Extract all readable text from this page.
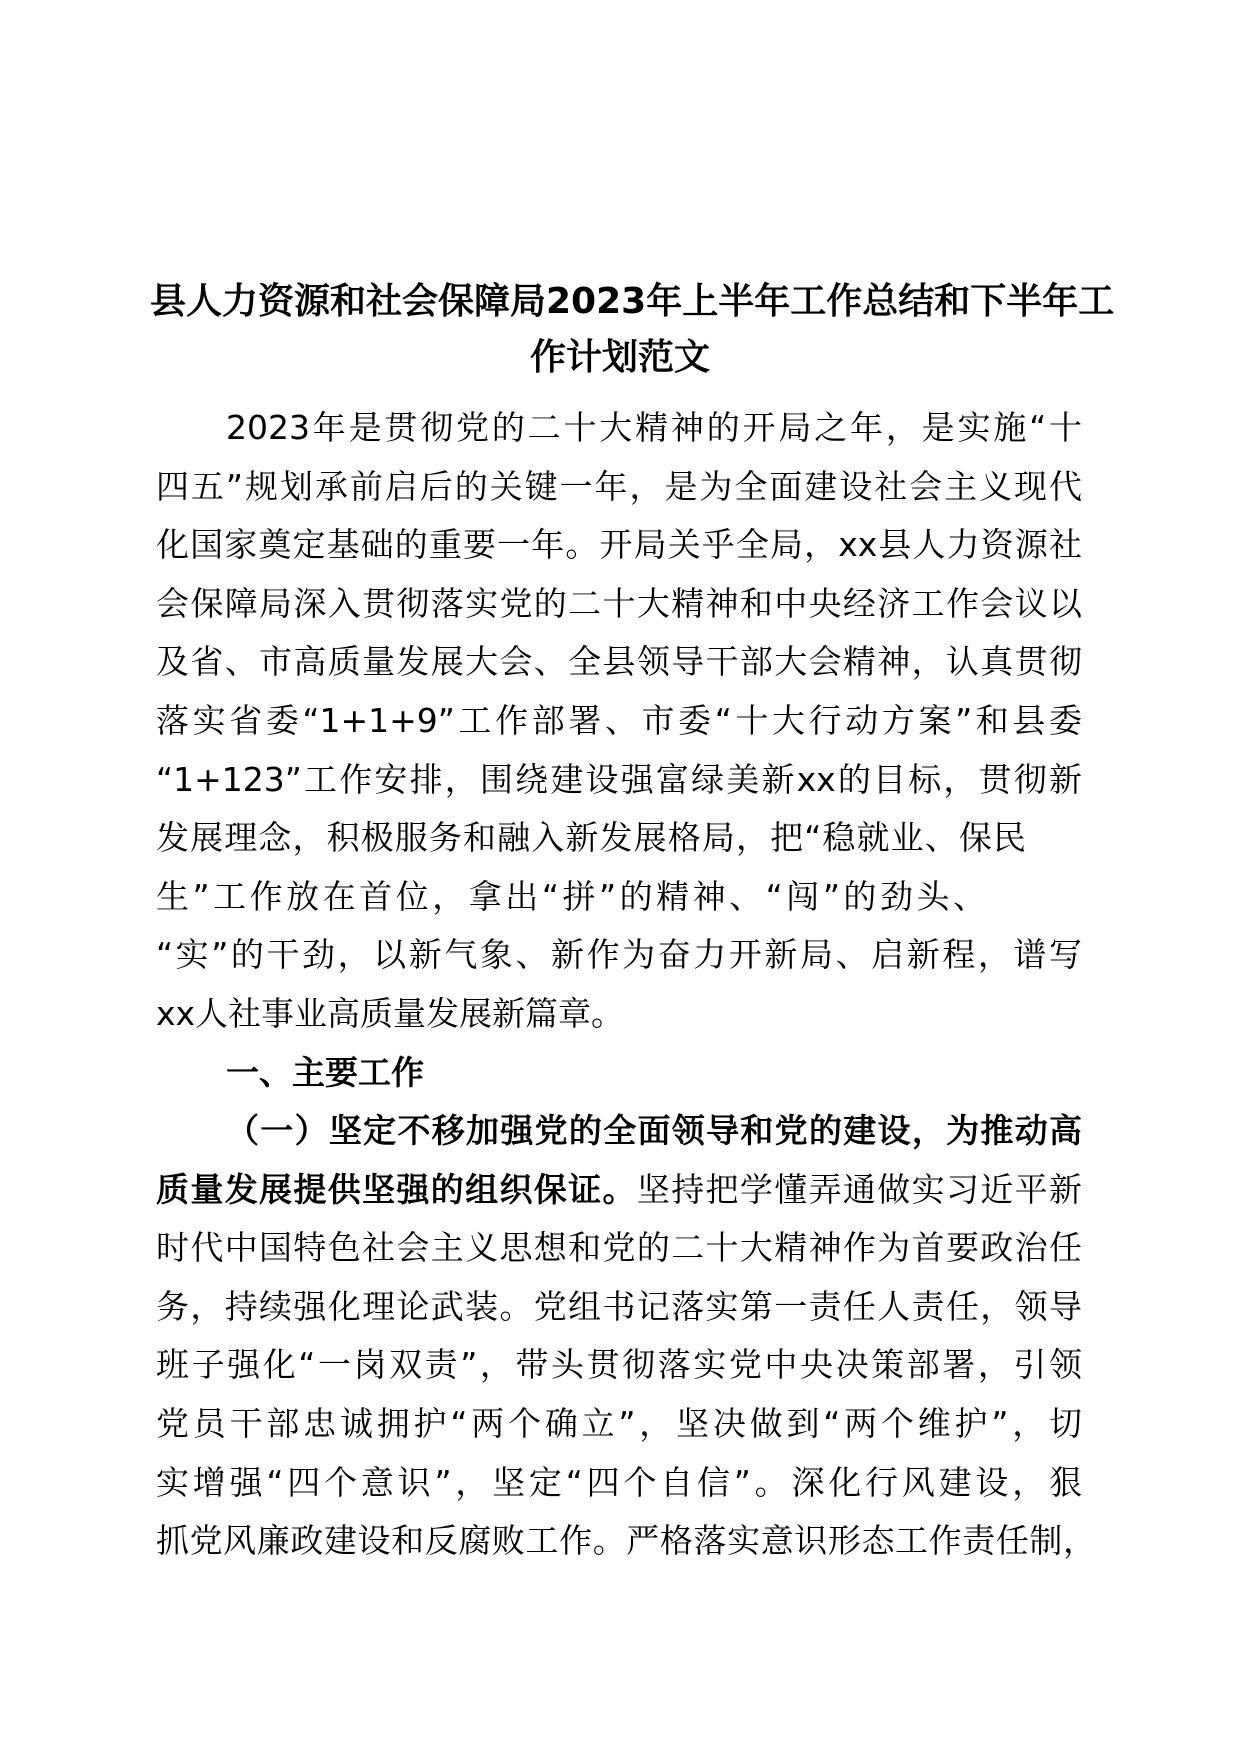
县人力资源和社会保障局2023年上半年工作总结和下半年工
作计划范文
2023年是贯彻党的二十大精神的开局之年，是实施“十
四五”规划承前启后的关键一年，是为全面建设社会主义现代
化国家奠定基础的重要一年。开局关乎全局，xx县人力资源社
会保障局深入贯彻落实党的二十大精神和中央经济工作会议以
及省、市高质量发展大会、全县领导干部大会精神，认真贯彻
落实省委“1+1+9”工作部署、市委“十大行动方案”和县委
“1+123”工作安排，围绕建设强富绿美新xx的目标，贯彻新
发展理念，积极服务和融入新发展格局，把“稳就业、保民
生”工作放在首位，拿出“拼”的精神、“闯”的劲头、
“实”的干劲，以新气象、新作为奋力开新局、启新程，谱写
xx人社事业高质量发展新篇章。
一、主要工作
（一）坚定不移加强党的全面领导和党的建设，为推动高
质量发展提供坚强的组织保证。坚持把学懂弄通做实习近平新
时代中国特色社会主义思想和党的二十大精神作为首要政治任
务，持续强化理论武装。党组书记落实第一责任人责任，领导
班子强化“一岗双责”，带头贯彻落实党中央决策部署，引领
党员干部忠诚拥护“两个确立”，坚决做到“两个维护”，切
实增强“四个意识”，坚定“四个自信”。深化行风建设，狠
抓党风廉政建设和反腐败工作。严格落实意识形态工作责任制，
